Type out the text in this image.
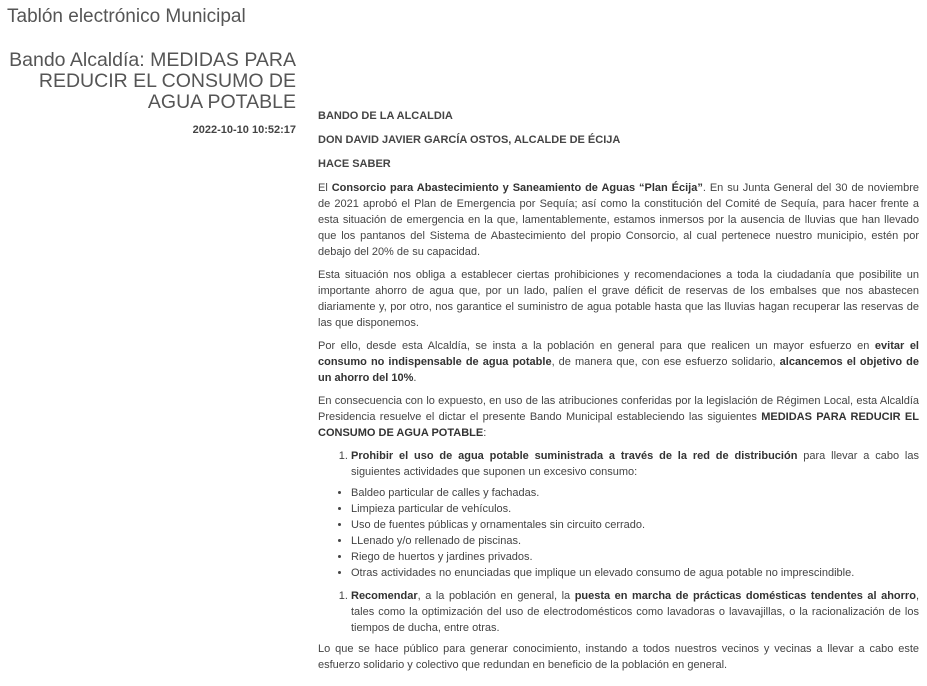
Tablón electrónico Municipal
Bando Alcaldía: MEDIDAS PARA REDUCIR EL CONSUMO DE AGUA POTABLE
2022-10-10 10:52:17

BANDO DE LA ALCALDIA

DON DAVID JAVIER GARCÍA OSTOS, ALCALDE DE ÉCIJA

HACE SABER

El Consorcio para Abastecimiento y Saneamiento de Aguas “Plan Écija”. En su Junta General del 30 de noviembre de 2021 aprobó el Plan de Emergencia por Sequía; así como la constitución del Comité de Sequía, para hacer frente a esta situación de emergencia en la que, lamentablemente, estamos inmersos por la ausencia de lluvias que han llevado que los pantanos del Sistema de Abastecimiento del propio Consorcio, al cual pertenece nuestro municipio, estén por debajo del 20% de su capacidad.

Esta situación nos obliga a establecer ciertas prohibiciones y recomendaciones a toda la ciudadanía que posibilite un importante ahorro de agua que, por un lado, palíen el grave déficit de reservas de los embalses que nos abastecen diariamente y, por otro, nos garantice el suministro de agua potable hasta que las lluvias hagan recuperar las reservas de las que disponemos.

Por ello, desde esta Alcaldía, se insta a la población en general para que realicen un mayor esfuerzo en evitar el consumo no indispensable de agua potable, de manera que, con ese esfuerzo solidario, alcancemos el objetivo de un ahorro del 10%.

En consecuencia con lo expuesto, en uso de las atribuciones conferidas por la legislación de Régimen Local, esta Alcaldía Presidencia resuelve el dictar el presente Bando Municipal estableciendo las siguientes MEDIDAS PARA REDUCIR EL CONSUMO DE AGUA POTABLE:

1. Prohibir el uso de agua potable suministrada a través de la red de distribución para llevar a cabo las siguientes actividades que suponen un excesivo consumo:
• Baldeo particular de calles y fachadas.
• Limpieza particular de vehículos.
• Uso de fuentes públicas y ornamentales sin circuito cerrado.
• LLenado y/o rellenado de piscinas.
• Riego de huertos y jardines privados.
• Otras actividades no enunciadas que implique un elevado consumo de agua potable no imprescindible.
1. Recomendar, a la población en general, la puesta en marcha de prácticas domésticas tendentes al ahorro, tales como la optimización del uso de electrodomésticos como lavadoras o lavavajillas, o la racionalización de los tiempos de ducha, entre otras.

Lo que se hace público para generar conocimiento, instando a todos nuestros vecinos y vecinas a llevar a cabo este esfuerzo solidario y colectivo que redundan en beneficio de la población en general.
